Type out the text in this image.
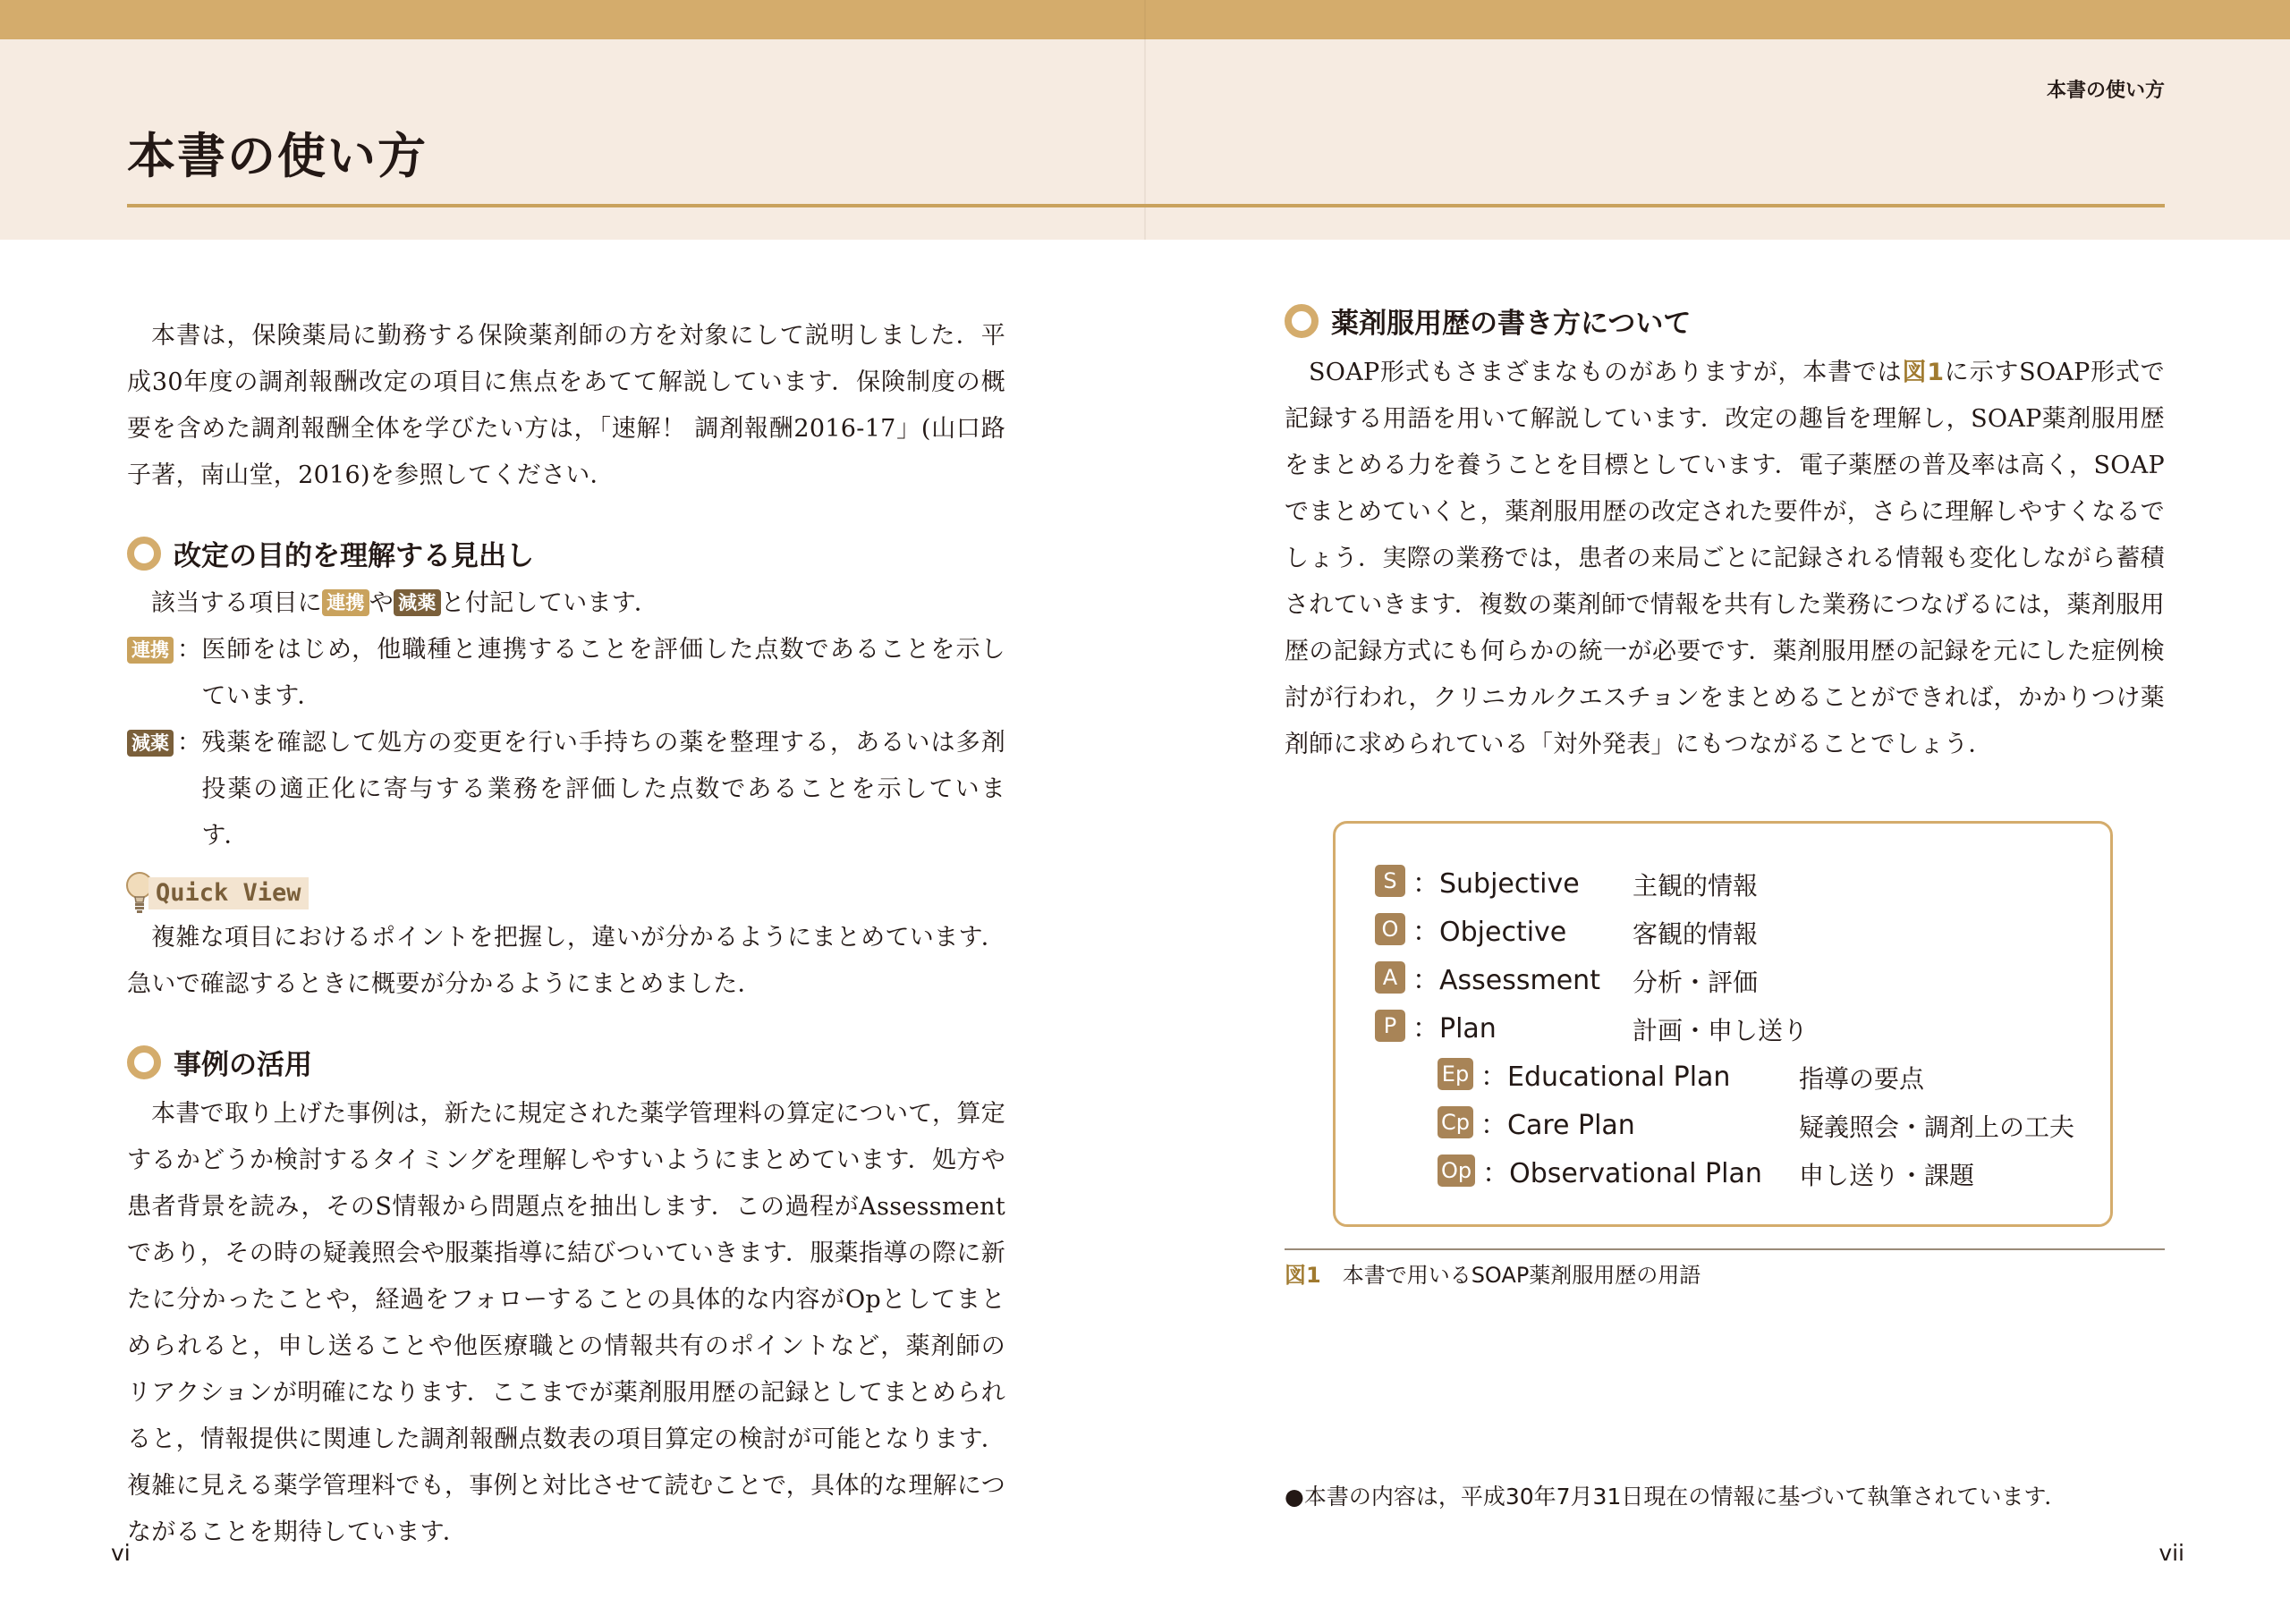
本書の使い方

本書の使い方

本書は，保険薬局に勤務する保険薬剤師の方を対象にして説明しました．平成30年度の調剤報酬改定の項目に焦点をあてて解説しています．保険制度の概要を含めた調剤報酬全体を学びたい方は，「速解！ 調剤報酬2016-17」(山口路子著，南山堂，2016)を参照してください．

改定の目的を理解する見出し

該当する項目に 連携 や 減薬 と付記しています．

連携 ： 医師をはじめ，他職種と連携することを評価した点数であることを示しています．

減薬 ： 残薬を確認して処方の変更を行い手持ちの薬を整理する，あるいは多剤投薬の適正化に寄与する業務を評価した点数であることを示しています．

Quick View

複雑な項目におけるポイントを把握し，違いが分かるようにまとめています．急いで確認するときに概要が分かるようにまとめました．

事例の活用

本書で取り上げた事例は，新たに規定された薬学管理料の算定について，算定するかどうか検討するタイミングを理解しやすいようにまとめています．処方や患者背景を読み，そのS情報から問題点を抽出します．この過程がAssessmentであり，その時の疑義照会や服薬指導に結びついていきます．服薬指導の際に新たに分かったことや，経過をフォローすることの具体的な内容がOpとしてまとめられると，申し送ることや他医療職との情報共有のポイントなど，薬剤師のリアクションが明確になります．ここまでが薬剤服用歴の記録としてまとめられると，情報提供に関連した調剤報酬点数表の項目算定の検討が可能となります．複雑に見える薬学管理料でも，事例と対比させて読むことで，具体的な理解につながることを期待しています．

薬剤服用歴の書き方について

SOAP形式もさまざまなものがありますが，本書では図1に示すSOAP形式で記録する用語を用いて解説しています．改定の趣旨を理解し，SOAP薬剤服用歴をまとめる力を養うことを目標としています．電子薬歴の普及率は高く，SOAPでまとめていくと，薬剤服用歴の改定された要件が，さらに理解しやすくなるでしょう．実際の業務では，患者の来局ごとに記録される情報も変化しながら蓄積されていきます．複数の薬剤師で情報を共有した業務につなげるには，薬剤服用歴の記録方式にも何らかの統一が必要です．薬剤服用歴の記録を元にした症例検討が行われ，クリニカルクエスチョンをまとめることができれば，かかりつけ薬剤師に求められている「対外発表」にもつながることでしょう．

S ：Subjective 主観的情報
O ：Objective	客観的情報
A ：Assessment 分析・評価
P ：Plan	計画・申し送り
Ep ：Educational Plan	指導の要点
Cp ：Care Plan	疑義照会・調剤上の工夫
Op ：Observational Plan 申し送り・課題

図1 本書で用いるSOAP薬剤服用歴の用語

●本書の内容は，平成30年7月31日現在の情報に基づいて執筆されています．

vi	vii
